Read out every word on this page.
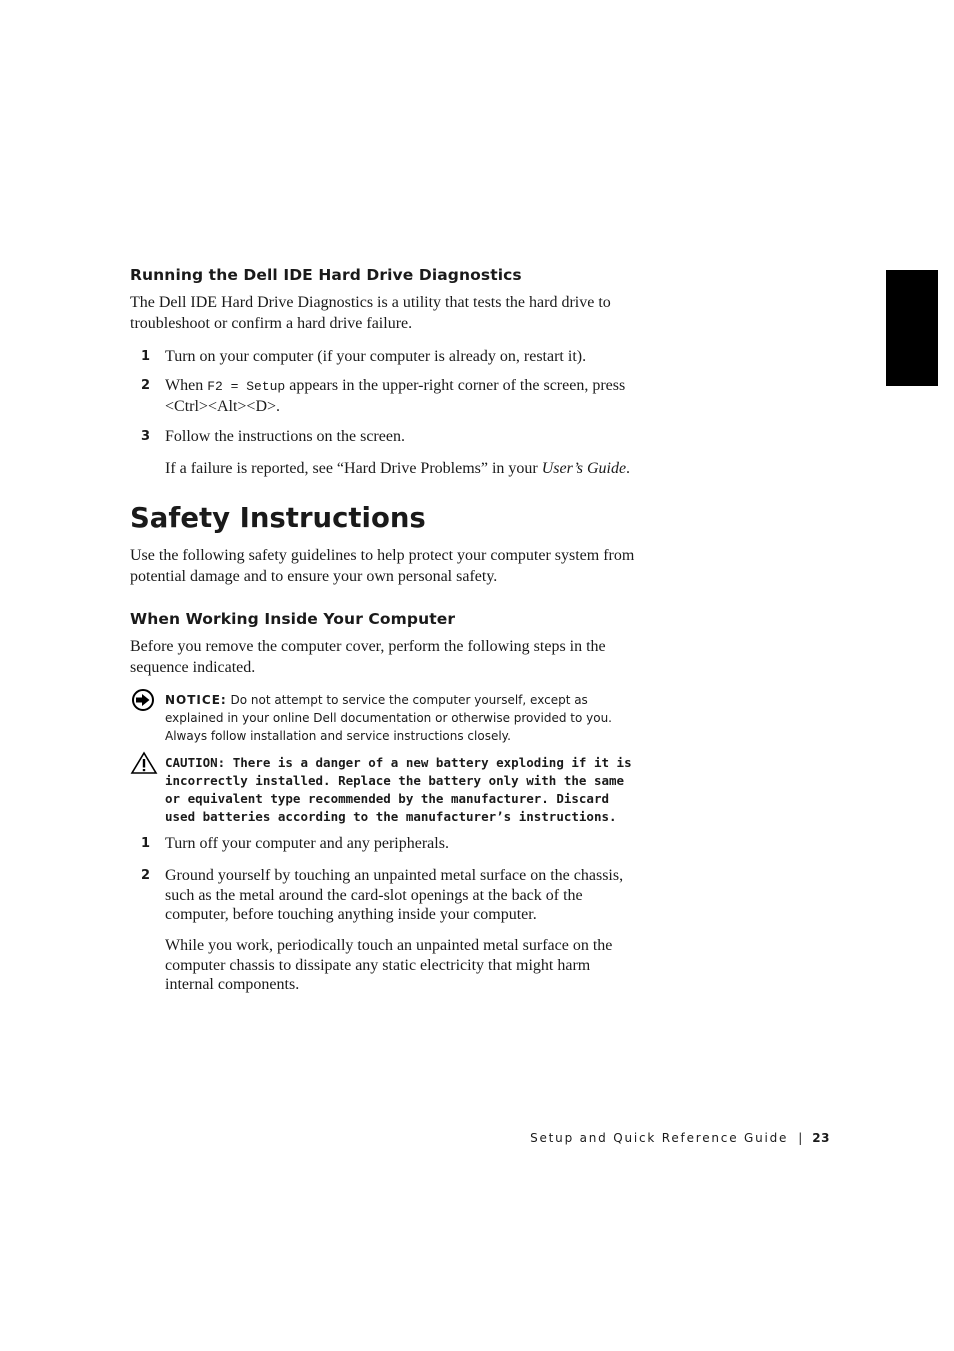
Running the Dell IDE Hard Drive Diagnostics
The Dell IDE Hard Drive Diagnostics is a utility that tests the hard drive to troubleshoot or confirm a hard drive failure.
1 Turn on your computer (if your computer is already on, restart it).
2 When F2 = Setup appears in the upper-right corner of the screen, press <Ctrl><Alt><D>.
3 Follow the instructions on the screen.
If a failure is reported, see “Hard Drive Problems” in your User’s Guide.
Safety Instructions
Use the following safety guidelines to help protect your computer system from potential damage and to ensure your own personal safety.
When Working Inside Your Computer
Before you remove the computer cover, perform the following steps in the sequence indicated.
NOTICE: Do not attempt to service the computer yourself, except as explained in your online Dell documentation or otherwise provided to you. Always follow installation and service instructions closely.
CAUTION: There is a danger of a new battery exploding if it is incorrectly installed. Replace the battery only with the same or equivalent type recommended by the manufacturer. Discard used batteries according to the manufacturer’s instructions.
1 Turn off your computer and any peripherals.
2 Ground yourself by touching an unpainted metal surface on the chassis, such as the metal around the card-slot openings at the back of the computer, before touching anything inside your computer.
While you work, periodically touch an unpainted metal surface on the computer chassis to dissipate any static electricity that might harm internal components.
Setup and Quick Reference Guide | 23
